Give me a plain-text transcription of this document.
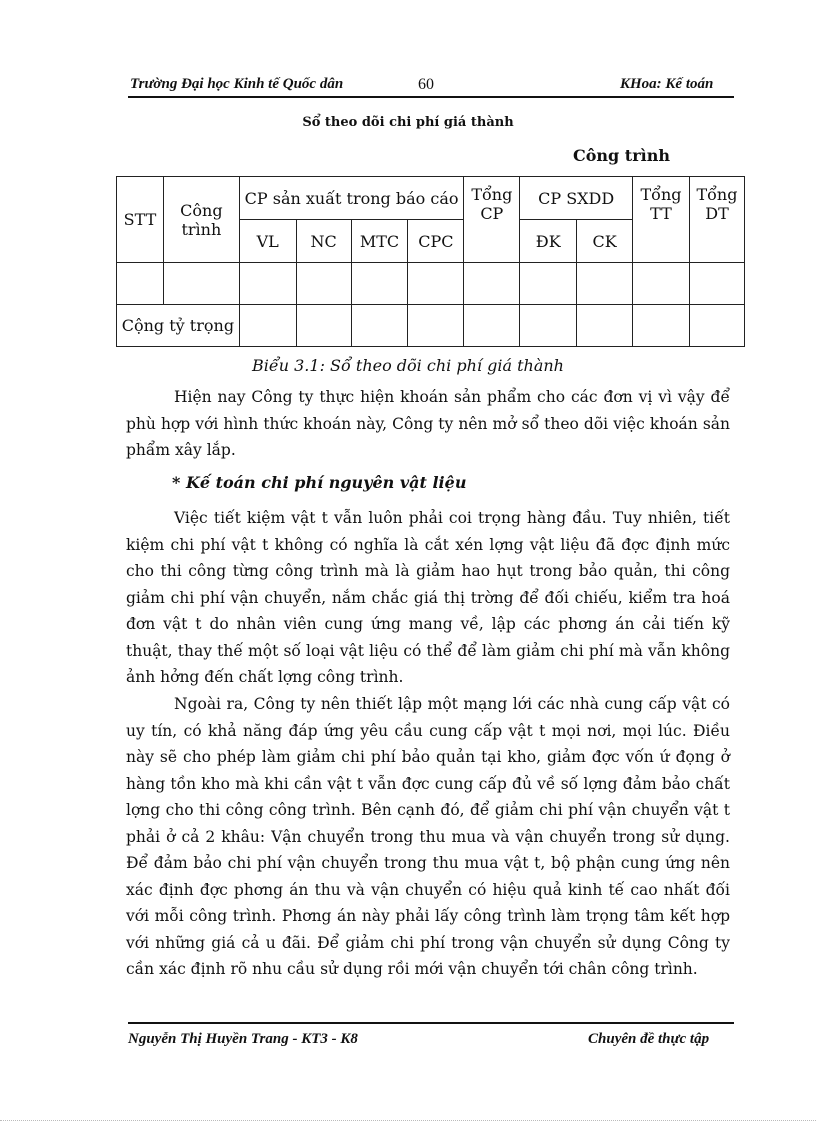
Trường Đại học Kinh tế Quốc dân	60	KHoa: Kế toán
Sổ theo dõi chi phí giá thành
Công trình
STT	Công trình	CP sản xuất trong báo cáo				Tổng CP	CP SXDD		Tổng TT	Tổng DT
		VL	NC	MTC	CPC		ĐK	CK		

Cộng tỷ trọng										
Biểu 3.1: Sổ theo dõi chi phí giá thành
Hiện nay Công ty thực hiện khoán sản phẩm cho các đơn vị vì vậy để phù hợp với hình thức khoán này, Công ty nên mở sổ theo dõi việc khoán sản phẩm xây lắp.
* Kế toán chi phí nguyên vật liệu
Việc tiết kiệm vật t vẫn luôn phải coi trọng hàng đầu. Tuy nhiên, tiết kiệm chi phí vật t không có nghĩa là cắt xén lợng vật liệu đã đợc định mức cho thi công từng công trình mà là giảm hao hụt trong bảo quản, thi công giảm chi phí vận chuyển, nắm chắc giá thị trờng để đối chiếu, kiểm tra hoá đơn vật t do nhân viên cung ứng mang về, lập các phơng án cải tiến kỹ thuật, thay thế một số loại vật liệu có thể để làm giảm chi phí mà vẫn không ảnh hởng đến chất lợng công trình.
Ngoài ra, Công ty nên thiết lập một mạng lới các nhà cung cấp vật có uy tín, có khả năng đáp ứng yêu cầu cung cấp vật t mọi nơi, mọi lúc. Điều này sẽ cho phép làm giảm chi phí bảo quản tại kho, giảm đợc vốn ứ đọng ở hàng tồn kho mà khi cần vật t vẫn đợc cung cấp đủ về số lợng đảm bảo chất lợng cho thi công công trình. Bên cạnh đó, để giảm chi phí vận chuyển vật t phải ở cả 2 khâu: Vận chuyển trong thu mua và vận chuyển trong sử dụng. Để đảm bảo chi phí vận chuyển trong thu mua vật t, bộ phận cung ứng nên xác định đợc phơng án thu và vận chuyển có hiệu quả kinh tế cao nhất đối với mỗi công trình. Phơng án này phải lấy công trình làm trọng tâm kết hợp với những giá cả u đãi. Để giảm chi phí trong vận chuyển sử dụng Công ty cần xác định rõ nhu cầu sử dụng rồi mới vận chuyển tới chân công trình.
Nguyễn Thị Huyền Trang - KT3 - K8	Chuyên đề thực tập
